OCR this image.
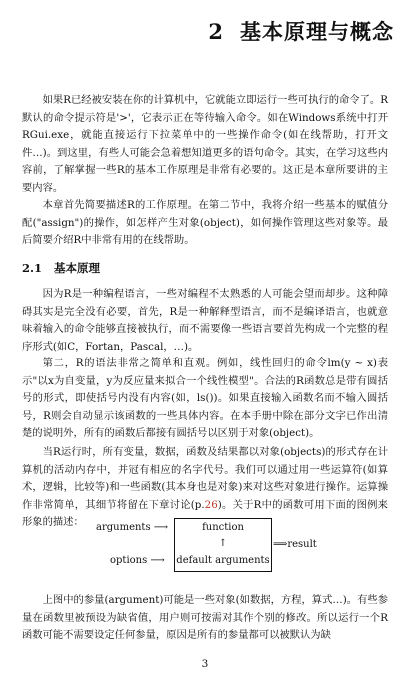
2 基本原理与概念

如果R已经被安装在你的计算机中，它就能立即运行一些可执行的命令了。R默认的命令提示符是'>'，它表示正在等待输入命令。如在Windows系统中打开RGui.exe，就能直接运行下拉菜单中的一些操作命令(如在线帮助，打开文件…)。到这里，有些人可能会急着想知道更多的语句命令。其实，在学习这些内容前，了解掌握一些R的基本工作原理是非常有必要的。这正是本章所要讲的主要内容。

本章首先简要描述R的工作原理。在第二节中，我将介绍一些基本的赋值分配("assign")的操作，如怎样产生对象(object)，如何操作管理这些对象等。最后简要介绍R中非常有用的在线帮助。

2.1 基本原理

因为R是一种编程语言，一些对编程不太熟悉的人可能会望而却步。这种障碍其实是完全没有必要，首先，R是一种解释型语言，而不是编译语言，也就意味着输入的命令能够直接被执行，而不需要像一些语言要首先构成一个完整的程序形式(如C，Fortan，Pascal，…)。

第二，R的语法非常之简单和直观。例如，线性回归的命令lm(y ~ x)表示"以x为自变量，y为反应量来拟合一个线性模型"。合法的R函数总是带有圆括号的形式，即使括号内没有内容(如，ls())。如果直接输入函数名而不输入圆括号，R则会自动显示该函数的一些具体内容。在本手册中除在部分文字已作出清楚的说明外，所有的函数后都接有圆括号以区别于对象(object)。

当R运行时，所有变量，数据，函数及结果都以对象(objects)的形式存在计算机的活动内存中，并冠有相应的名字代号。我们可以通过用一些运算符(如算术，逻辑，比较等)和一些函数(其本身也是对象)来对这些对象进行操作。运算操作非常简单，其细节将留在下章讨论(p.26)。关于R中的函数可用下面的图例来形象的描述：	arguments ⟶
options ⟶
function
↑
default arguments
⟹result

上图中的参量(argument)可能是一些对象(如数据，方程，算式…)。有些参量在函数里被预设为缺省值，用户则可按需对其作个别的修改。所以运行一个R函数可能不需要设定任何参量，原因是所有的参量都可以被默认为缺

3
